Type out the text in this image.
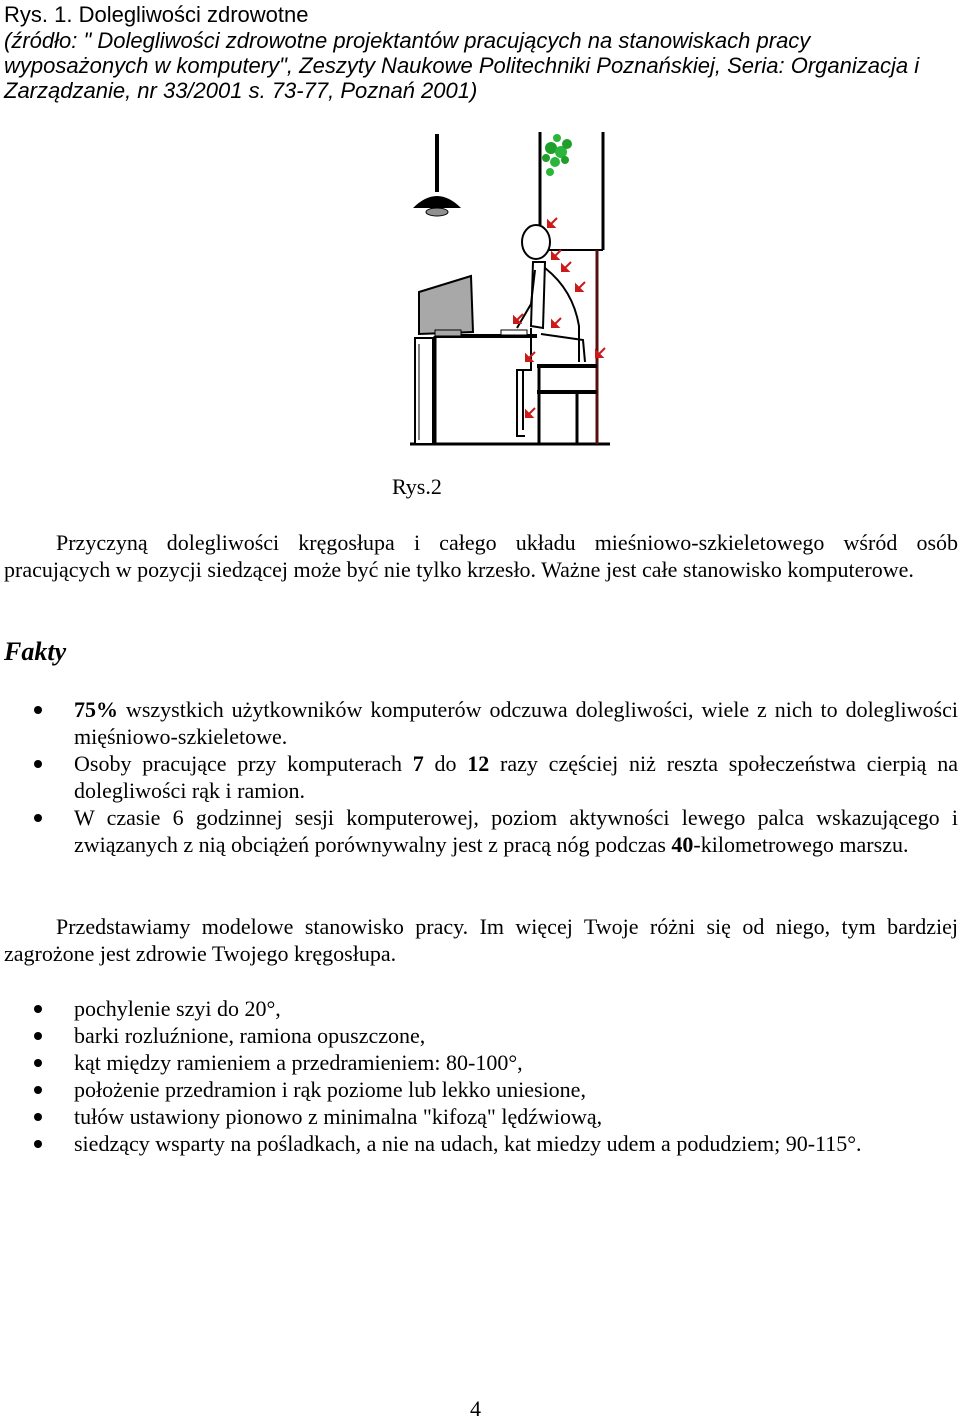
Rys. 1. Dolegliwości zdrowotne

(źródło: " Dolegliwości zdrowotne projektantów pracujących na stanowiskach pracy
wyposażonych w komputery", Zeszyty Naukowe Politechniki Poznańskiej, Seria: Organizacja i
Zarządzanie, nr 33/2001 s. 73-77, Poznań 2001)

Rys.2

Przyczyną dolegliwości kręgosłupa i całego układu mieśniowo-szkieletowego wśród osób pracujących w pozycji siedzącej może być nie tylko krzesło. Ważne jest całe stanowisko komputerowe.

Fakty
75% wszystkich użytkowników komputerów odczuwa dolegliwości, wiele z nich to dolegliwości mięśniowo-szkieletowe.
Osoby pracujące przy komputerach 7 do 12 razy częściej niż reszta społeczeństwa cierpią na dolegliwości rąk i ramion.
W czasie 6 godzinnej sesji komputerowej, poziom aktywności lewego palca wskazującego i związanych z nią obciążeń porównywalny jest z pracą nóg podczas 40-kilometrowego marszu.

Przedstawiamy modelowe stanowisko pracy. Im więcej Twoje różni się od niego, tym bardziej zagrożone jest zdrowie Twojego kręgosłupa.

pochylenie szyi do 20°,
barki rozluźnione, ramiona opuszczone,
kąt między ramieniem a przedramieniem: 80-100°,
położenie przedramion i rąk poziome lub lekko uniesione,
tułów ustawiony pionowo z minimalna "kifozą" lędźwiową,
siedzący wsparty na pośladkach, a nie na udach, kat miedzy udem a podudziem; 90-115°.
4
